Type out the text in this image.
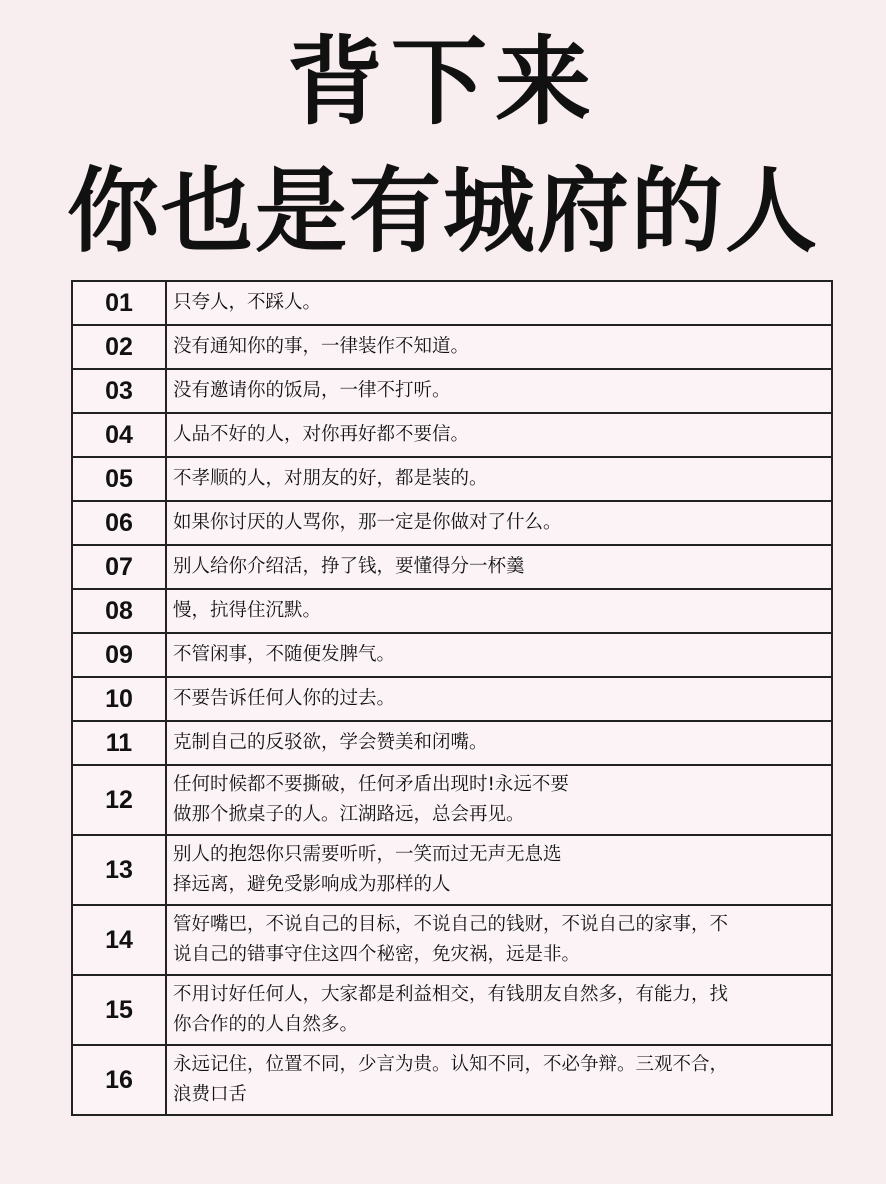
背下来
你也是有城府的人
01	只夸人，不踩人。
02	没有通知你的事，一律装作不知道。
03	没有邀请你的饭局，一律不打听。
04	人品不好的人，对你再好都不要信。
05	不孝顺的人，对朋友的好，都是装的。
06	如果你讨厌的人骂你，那一定是你做对了什么。
07	别人给你介绍活，挣了钱，要懂得分一杯羹
08	慢，抗得住沉默。
09	不管闲事，不随便发脾气。
10	不要告诉任何人你的过去。
11	克制自己的反驳欲，学会赞美和闭嘴。
12	任何时候都不要撕破，任何矛盾出现时!永远不要
做那个掀桌子的人。江湖路远，总会再见。
13	别人的抱怨你只需要听听，一笑而过无声无息选
择远离，避免受影响成为那样的人
14	管好嘴巴，不说自己的目标，不说自己的钱财，不说自己的家事，不
说自己的错事守住这四个秘密，免灾祸，远是非。
15	不用讨好任何人，大家都是利益相交，有钱朋友自然多，有能力，找
你合作的的人自然多。
16	永远记住，位置不同，少言为贵。认知不同，不必争辩。三观不合，
浪费口舌
